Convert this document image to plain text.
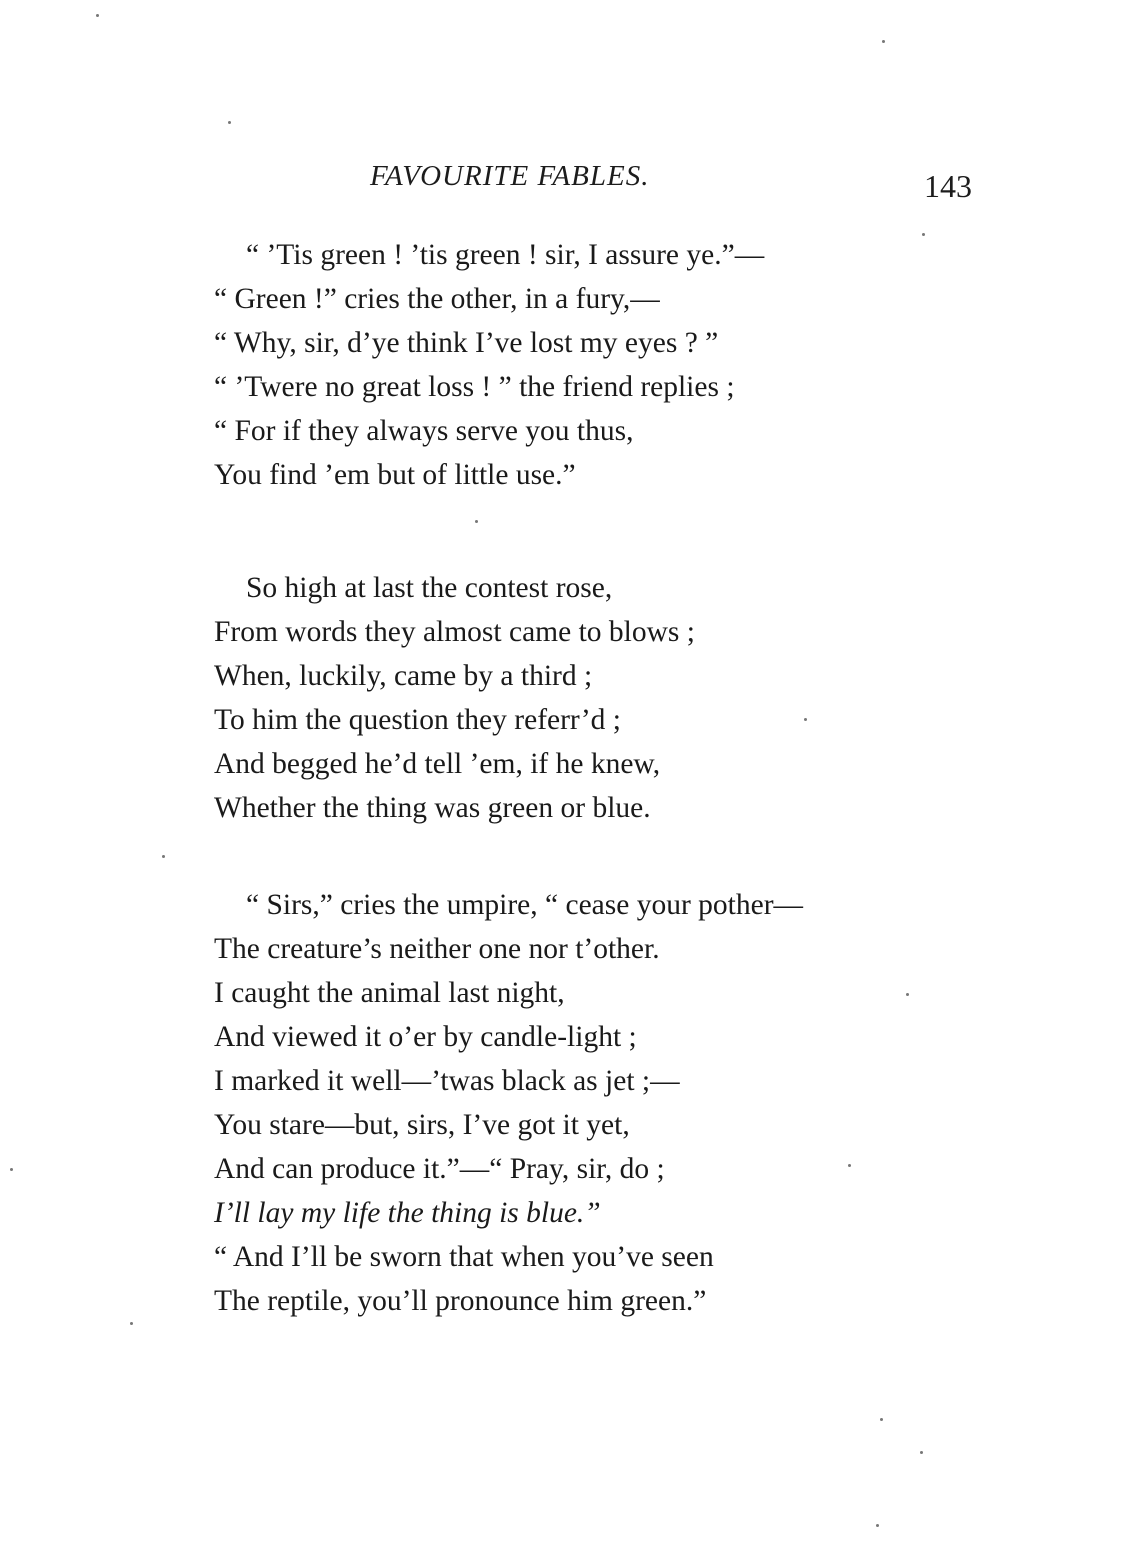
FAVOURITE FABLES.	143
“ ’Tis green ! ’tis green ! sir, I assure ye.”—
“ Green !” cries the other, in a fury,—
“ Why, sir, d’ye think I’ve lost my eyes ? ”
“ ’Twere no great loss ! ” the friend replies ;
“ For if they always serve you thus,
You find ’em but of little use.”
So high at last the contest rose,
From words they almost came to blows ;
When, luckily, came by a third ;
To him the question they referr’d ;
And begged he’d tell ’em, if he knew,
Whether the thing was green or blue.
“ Sirs,” cries the umpire, “ cease your pother—
The creature’s neither one nor t’other.
I caught the animal last night,
And viewed it o’er by candle-light ;
I marked it well—’twas black as jet ;—
You stare—but, sirs, I’ve got it yet,
And can produce it.”—“ Pray, sir, do ;
I’ll lay my life the thing is blue.”
“ And I’ll be sworn that when you’ve seen
The reptile, you’ll pronounce him green.”
